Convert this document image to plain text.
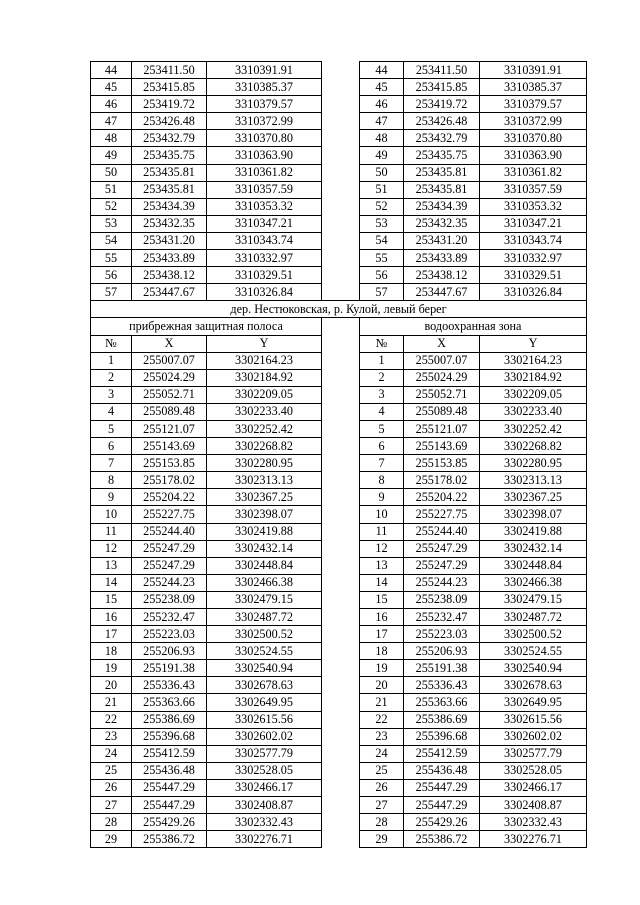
44	253411.50	3310391.91		44	253411.50	3310391.91
45	253415.85	3310385.37		45	253415.85	3310385.37
46	253419.72	3310379.57		46	253419.72	3310379.57
47	253426.48	3310372.99		47	253426.48	3310372.99
48	253432.79	3310370.80		48	253432.79	3310370.80
49	253435.75	3310363.90		49	253435.75	3310363.90
50	253435.81	3310361.82		50	253435.81	3310361.82
51	253435.81	3310357.59		51	253435.81	3310357.59
52	253434.39	3310353.32		52	253434.39	3310353.32
53	253432.35	3310347.21		53	253432.35	3310347.21
54	253431.20	3310343.74		54	253431.20	3310343.74
55	253433.89	3310332.97		55	253433.89	3310332.97
56	253438.12	3310329.51		56	253438.12	3310329.51
57	253447.67	3310326.84		57	253447.67	3310326.84
дер. Нестюковская, р. Кулой, левый берег						
прибрежная защитная полоса				водоохранная зона		
№	X	Y		№	X	Y
1	255007.07	3302164.23		1	255007.07	3302164.23
2	255024.29	3302184.92		2	255024.29	3302184.92
3	255052.71	3302209.05		3	255052.71	3302209.05
4	255089.48	3302233.40		4	255089.48	3302233.40
5	255121.07	3302252.42		5	255121.07	3302252.42
6	255143.69	3302268.82		6	255143.69	3302268.82
7	255153.85	3302280.95		7	255153.85	3302280.95
8	255178.02	3302313.13		8	255178.02	3302313.13
9	255204.22	3302367.25		9	255204.22	3302367.25
10	255227.75	3302398.07		10	255227.75	3302398.07
11	255244.40	3302419.88		11	255244.40	3302419.88
12	255247.29	3302432.14		12	255247.29	3302432.14
13	255247.29	3302448.84		13	255247.29	3302448.84
14	255244.23	3302466.38		14	255244.23	3302466.38
15	255238.09	3302479.15		15	255238.09	3302479.15
16	255232.47	3302487.72		16	255232.47	3302487.72
17	255223.03	3302500.52		17	255223.03	3302500.52
18	255206.93	3302524.55		18	255206.93	3302524.55
19	255191.38	3302540.94		19	255191.38	3302540.94
20	255336.43	3302678.63		20	255336.43	3302678.63
21	255363.66	3302649.95		21	255363.66	3302649.95
22	255386.69	3302615.56		22	255386.69	3302615.56
23	255396.68	3302602.02		23	255396.68	3302602.02
24	255412.59	3302577.79		24	255412.59	3302577.79
25	255436.48	3302528.05		25	255436.48	3302528.05
26	255447.29	3302466.17		26	255447.29	3302466.17
27	255447.29	3302408.87		27	255447.29	3302408.87
28	255429.26	3302332.43		28	255429.26	3302332.43
29	255386.72	3302276.71		29	255386.72	3302276.71
